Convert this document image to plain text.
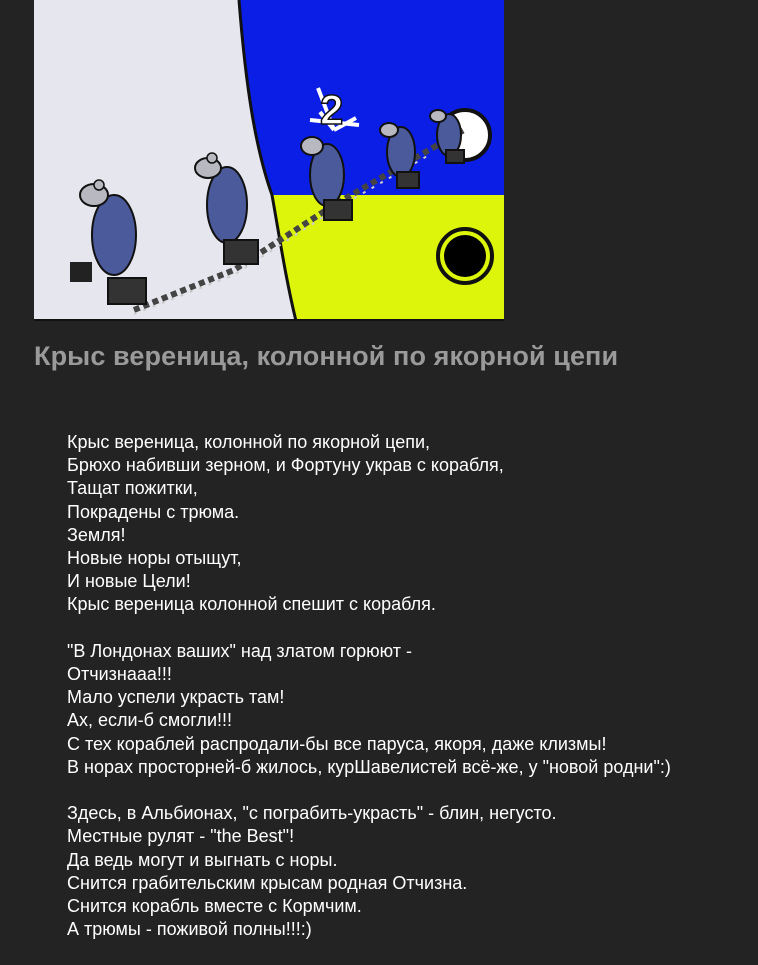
2
Крыс вереница, колонной по якорной цепи
Крыс вереница, колонной по якорной цепи,
Брюхо набивши зерном, и Фортуну украв с корабля,
Тащат пожитки,
Покрадены с трюма.
Земля!
Новые норы отыщут,
И новые Цели!
Крыс вереница колонной спешит с корабля.
"В Лондонах ваших" над златом горюют -
Отчизнааа!!!
Мало успели украсть там!
Ах, если-б смогли!!!
С тех кораблей распродали-бы все паруса, якоря, даже клизмы!
В норах просторней-б жилось, курШавелистей всё-же, у "новой родни":)
Здесь, в Альбионах, "с пограбить-украсть" - блин, негусто.
Местные рулят - "the Best"!
Да ведь могут и выгнать с норы.
Снится грабительским крысам родная Отчизна.
Снится корабль вместе с Кормчим.
А трюмы - поживой полны!!!:)
